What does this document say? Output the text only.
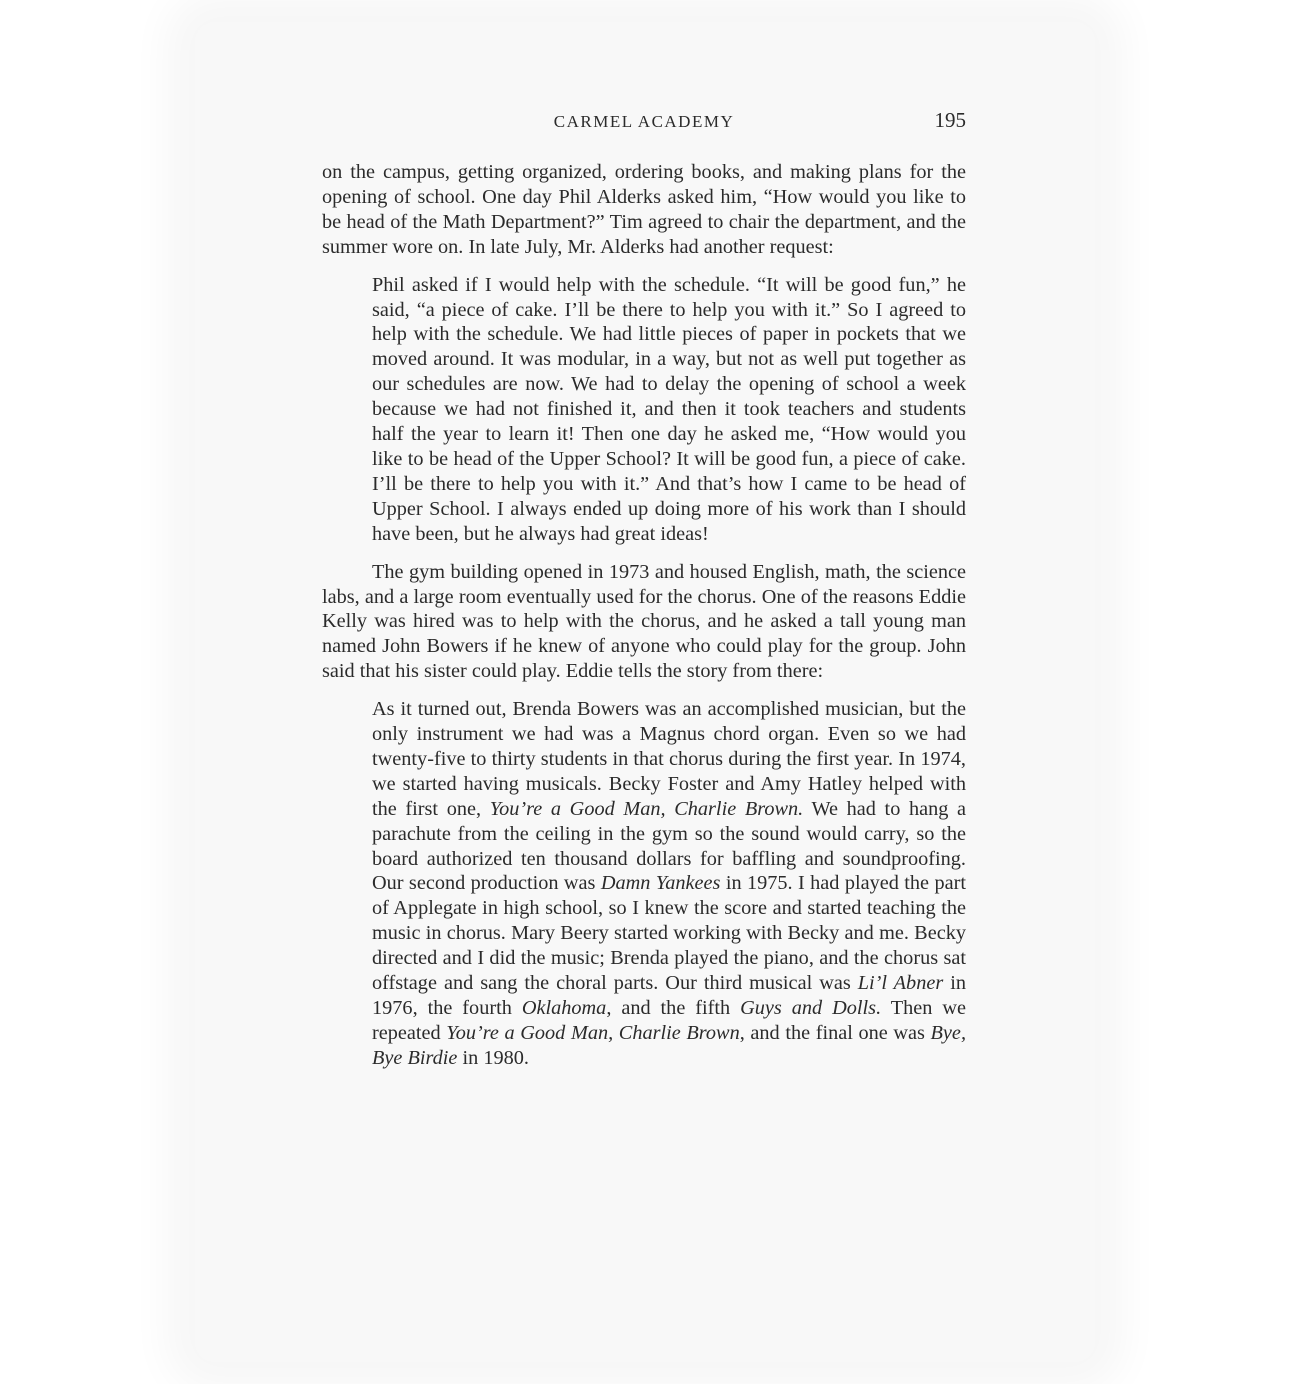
CARMEL ACADEMY	195

on the campus, getting organized, ordering books, and making plans for the opening of school. One day Phil Alderks asked him, “How would you like to be head of the Math Department?” Tim agreed to chair the department, and the summer wore on. In late July, Mr. Alderks had another request:

Phil asked if I would help with the schedule. “It will be good fun,” he said, “a piece of cake. I’ll be there to help you with it.” So I agreed to help with the schedule. We had little pieces of paper in pockets that we moved around. It was modular, in a way, but not as well put together as our schedules are now. We had to delay the opening of school a week because we had not finished it, and then it took teachers and students half the year to learn it! Then one day he asked me, “How would you like to be head of the Upper School? It will be good fun, a piece of cake. I’ll be there to help you with it.” And that’s how I came to be head of Upper School. I always ended up doing more of his work than I should have been, but he always had great ideas!

The gym building opened in 1973 and housed English, math, the science labs, and a large room eventually used for the chorus. One of the reasons Eddie Kelly was hired was to help with the chorus, and he asked a tall young man named John Bowers if he knew of anyone who could play for the group. John said that his sister could play. Eddie tells the story from there:

As it turned out, Brenda Bowers was an accomplished musician, but the only instrument we had was a Magnus chord organ. Even so we had twenty-five to thirty students in that chorus during the first year. In 1974, we started having musicals. Becky Foster and Amy Hatley helped with the first one, You’re a Good Man, Charlie Brown. We had to hang a parachute from the ceiling in the gym so the sound would carry, so the board authorized ten thousand dollars for baffling and soundproofing. Our second production was Damn Yankees in 1975. I had played the part of Applegate in high school, so I knew the score and started teaching the music in chorus. Mary Beery started working with Becky and me. Becky directed and I did the music; Brenda played the piano, and the chorus sat offstage and sang the choral parts. Our third musical was Li’l Abner in 1976, the fourth Oklahoma, and the fifth Guys and Dolls. Then we repeated You’re a Good Man, Charlie Brown, and the final one was Bye, Bye Birdie in 1980.
